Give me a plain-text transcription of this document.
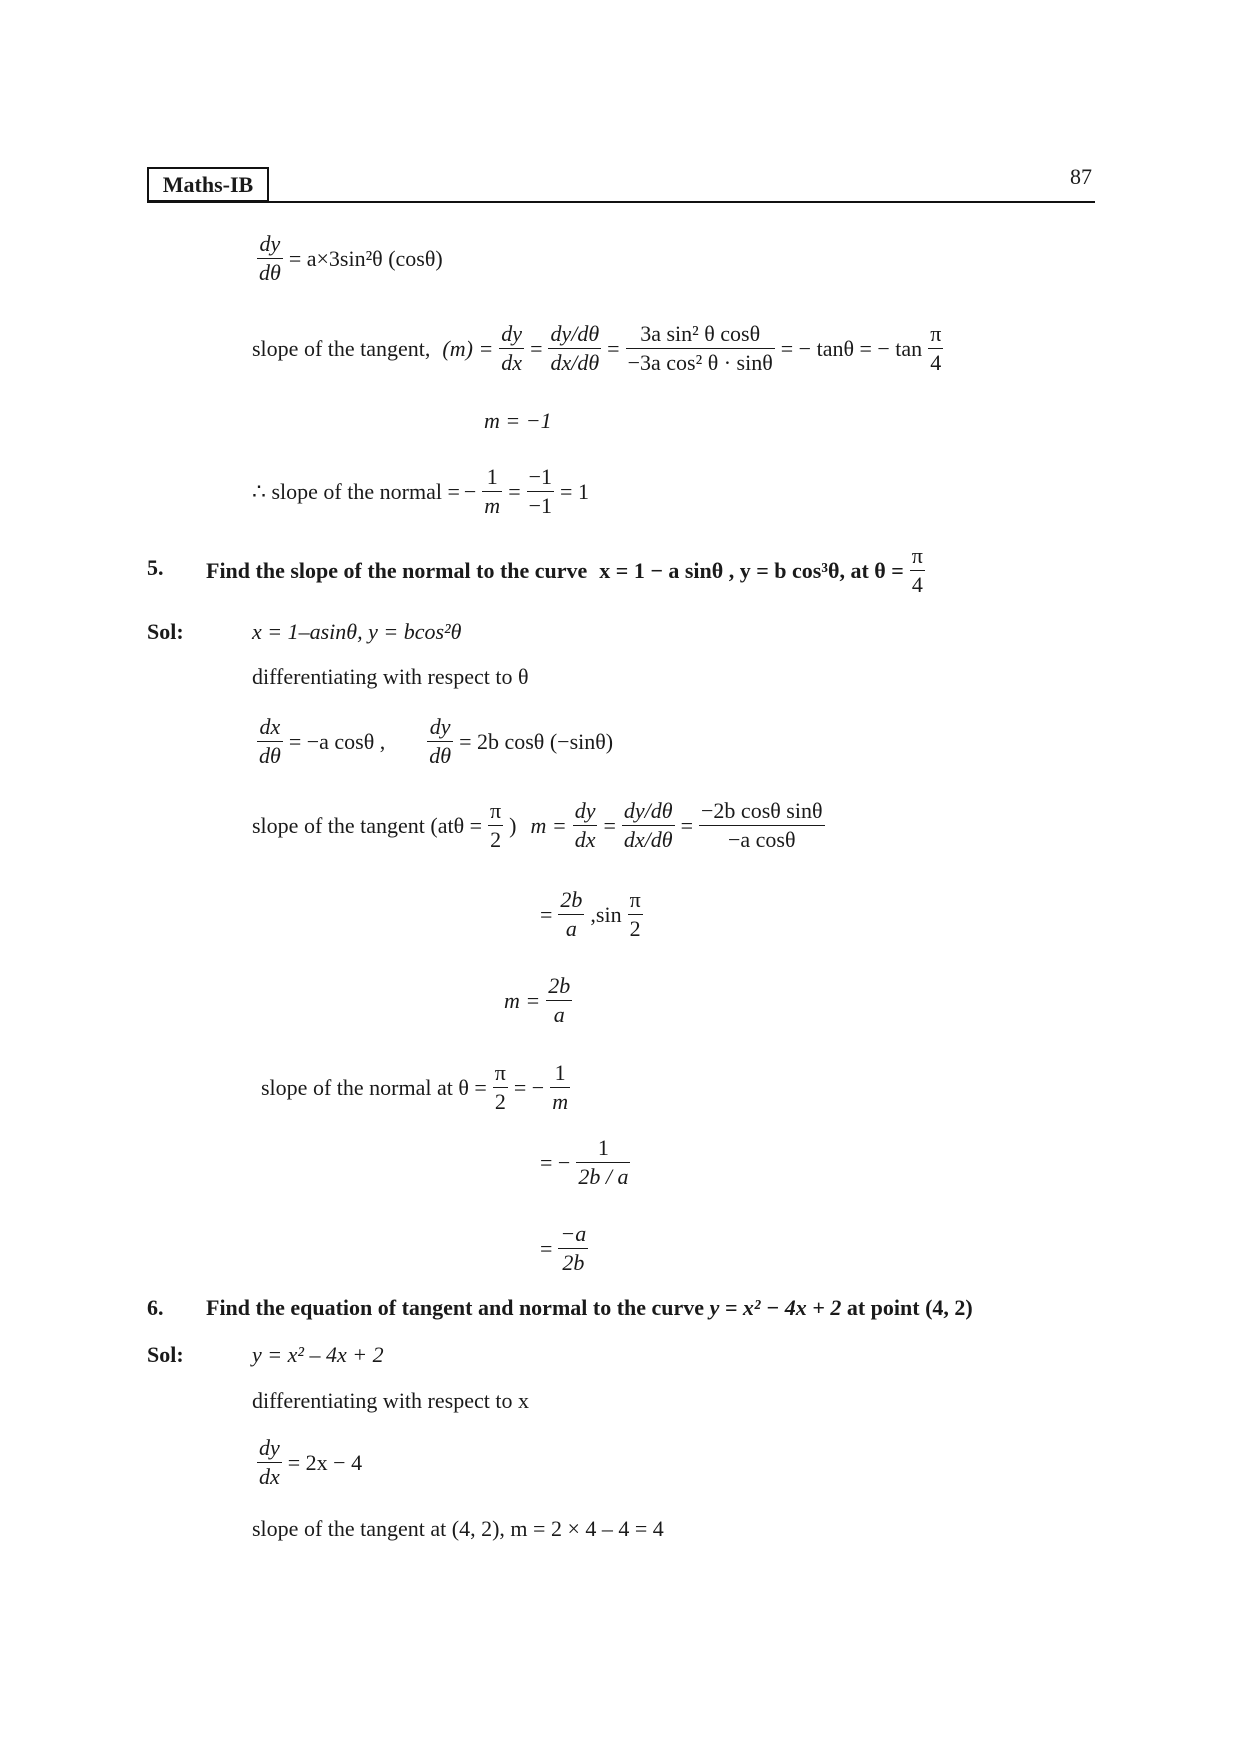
Maths-IB	87
$\frac{dy}{d\theta} = a\times 3\sin^2\theta$ (cosθ)
slope of the tangent, $(m) = \frac{dy}{dx} = \frac{dy/d\theta}{dx/d\theta} = \frac{\text{3a sin² θ cosθ}}{\text{−3a cos² θ · sinθ}}$ = − tanθ = − $\tan \frac{\pi}{4}$
m = −1
∴ slope of the normal = − $\frac{1}{m} = \frac{-1}{-1} = 1$
5. Find the slope of the normal to the curve x = 1 − a sinθ , y = b cos³θ, at $\theta = \frac{\pi}{4}$
Sol:	x = 1–asinθ, y = bcos²θ
differentiating with respect to θ
$\frac{dx}{d\theta} = -a$ cosθ , $\frac{dy}{d\theta} = 2b$ cosθ (−sinθ)
slope of the tangent ($at\theta = \frac{\pi}{2}$ ) $m = \frac{dy}{dx} = \frac{dy/d\theta}{dx/d\theta} = \frac{\text{−2b cosθ sinθ}}{\text{−a cosθ}}$
= $\frac{2b}{a} ,\sin \frac{\pi}{2}$
$m = \frac{2b}{a}$
slope of the normal at $\theta = \frac{\pi}{2}$ = − $\frac{1}{m}$
= − $\frac{1}{2b / a}$
= $\frac{-a}{2b}$
6. Find the equation of tangent and normal to the curve y = x² − 4x + 2 at point (4, 2)
Sol:	y = x² – 4x + 2
differentiating with respect to x
$\frac{dy}{dx} = 2x - 4$
slope of the tangent at (4, 2), m = 2 × 4 – 4 = 4
